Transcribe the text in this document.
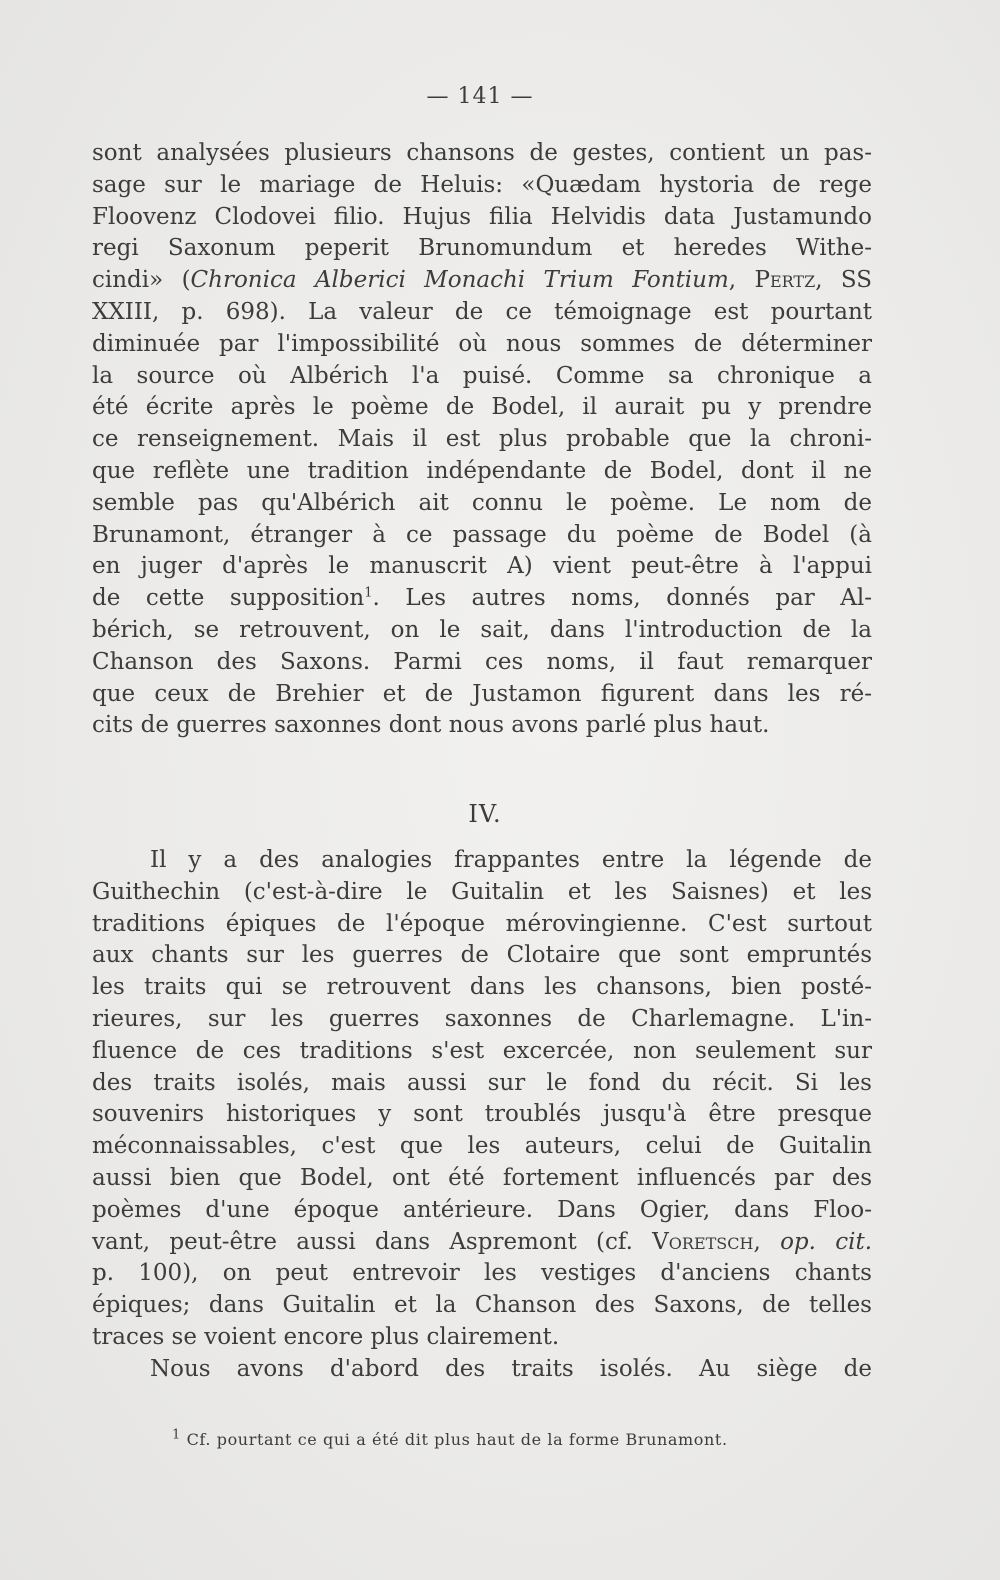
— 141 —
sont analysées plusieurs chansons de gestes, contient un pas-
sage sur le mariage de Heluis: «Quædam hystoria de rege
Floovenz Clodovei filio. Hujus filia Helvidis data Justamundo
regi Saxonum peperit Brunomundum et heredes Withe-
cindi» (Chronica Alberici Monachi Trium Fontium, Pertz, SS
XXIII, p. 698). La valeur de ce témoignage est pourtant
diminuée par l'impossibilité où nous sommes de déterminer
la source où Albérich l'a puisé. Comme sa chronique a
été écrite après le poème de Bodel, il aurait pu y prendre
ce renseignement. Mais il est plus probable que la chroni-
que reflète une tradition indépendante de Bodel, dont il ne
semble pas qu'Albérich ait connu le poème. Le nom de
Brunamont, étranger à ce passage du poème de Bodel (à
en juger d'après le manuscrit A) vient peut-être à l'appui
de cette supposition$^1$. Les autres noms, donnés par Al-
bérich, se retrouvent, on le sait, dans l'introduction de la
Chanson des Saxons. Parmi ces noms, il faut remarquer
que ceux de Brehier et de Justamon figurent dans les ré-
cits de guerres saxonnes dont nous avons parlé plus haut.
IV.
Il y a des analogies frappantes entre la légende de
Guithechin (c'est-à-dire le Guitalin et les Saisnes) et les
traditions épiques de l'époque mérovingienne. C'est surtout
aux chants sur les guerres de Clotaire que sont empruntés
les traits qui se retrouvent dans les chansons, bien posté-
rieures, sur les guerres saxonnes de Charlemagne. L'in-
fluence de ces traditions s'est excercée, non seulement sur
des traits isolés, mais aussi sur le fond du récit. Si les
souvenirs historiques y sont troublés jusqu'à être presque
méconnaissables, c'est que les auteurs, celui de Guitalin
aussi bien que Bodel, ont été fortement influencés par des
poèmes d'une époque antérieure. Dans Ogier, dans Floo-
vant, peut-être aussi dans Aspremont (cf. Voretsch, op. cit.
p. 100), on peut entrevoir les vestiges d'anciens chants
épiques; dans Guitalin et la Chanson des Saxons, de telles
traces se voient encore plus clairement.
Nous avons d'abord des traits isolés. Au siège de
$^1$ Cf. pourtant ce qui a été dit plus haut de la forme Brunamont.
